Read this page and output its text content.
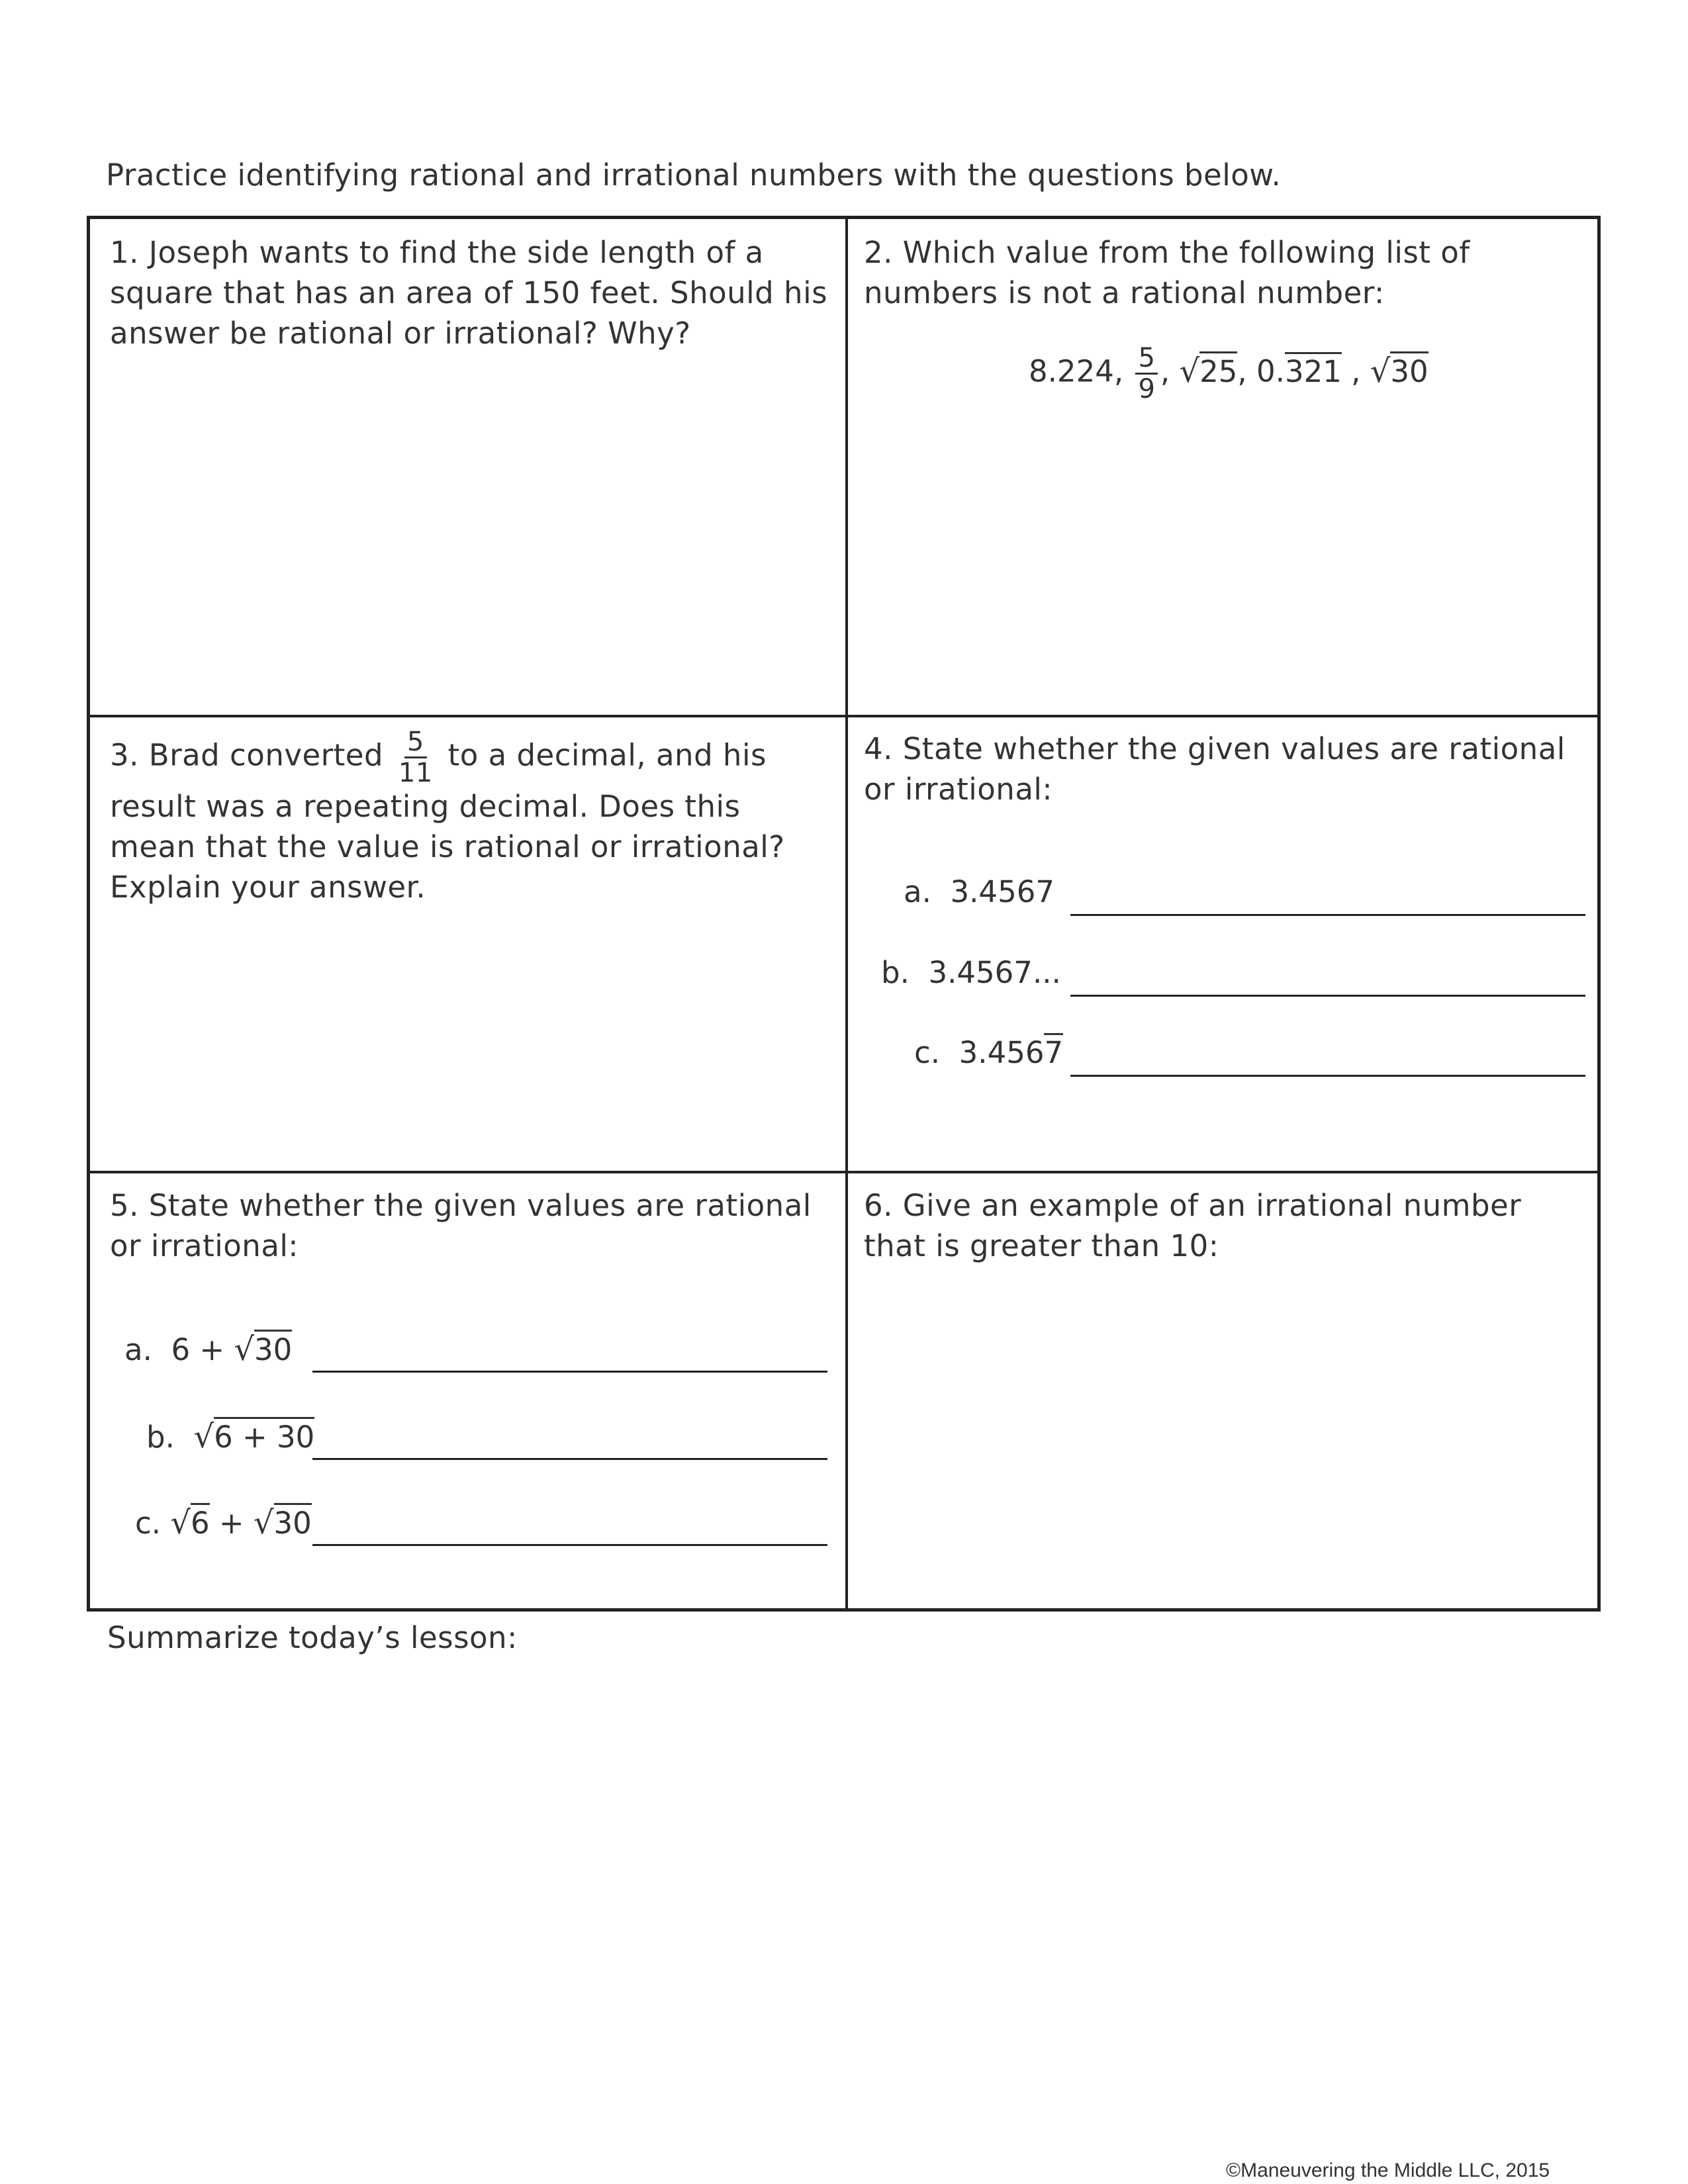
Practice identifying rational and irrational numbers with the questions below.
1. Joseph wants to find the side length of a square that has an area of 150 feet. Should his answer be rational or irrational? Why?
2. Which value from the following list of numbers is not a rational number:
8.224, $\frac{5}{9}$ , √25, 0.321 , √30
3. Brad converted $\frac{5}{11}$ to a decimal, and his result was a repeating decimal. Does this mean that the value is rational or irrational? Explain your answer.
4. State whether the given values are rational or irrational:
a. 3.4567
b. 3.4567...
c. 3.4567
5. State whether the given values are rational or irrational:
a. 6 + √30
b. √6 + 30
c. √6 + √30
6. Give an example of an irrational number that is greater than 10:
Summarize today’s lesson:
©Maneuvering the Middle LLC, 2015
